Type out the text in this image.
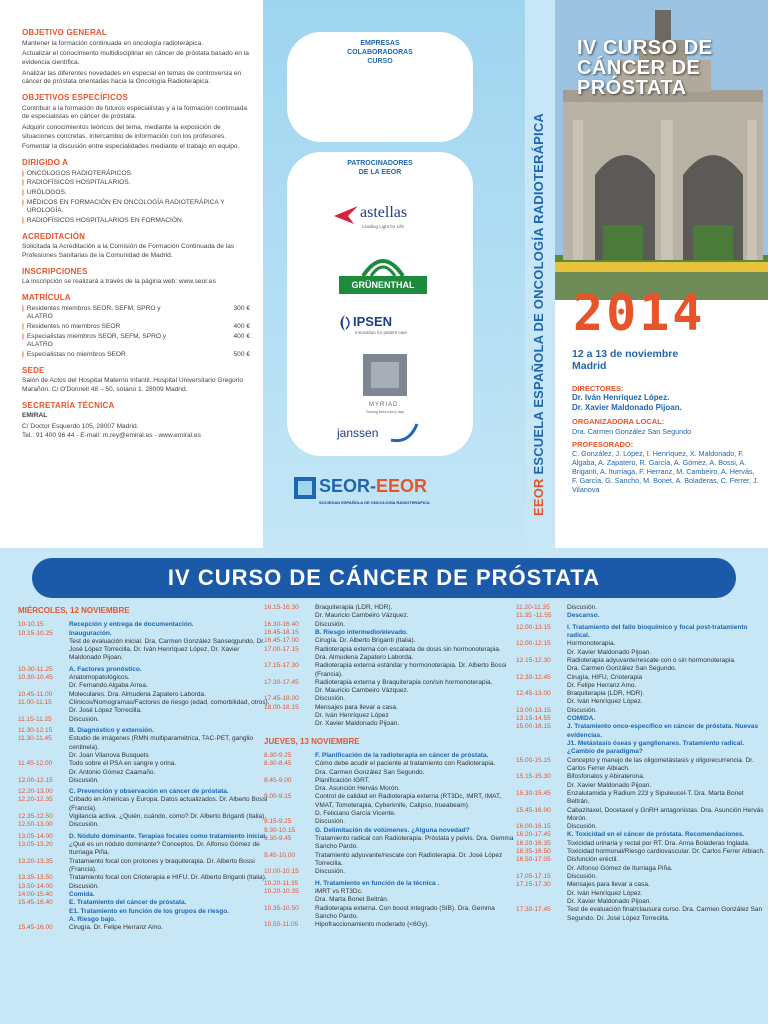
OBJETIVO GENERAL
Mantener la formación continuada en oncología radioterápica.
Actualizar el conocimiento multidisciplinar en cáncer de próstata basado en la evidencia científica.
Analizar las diferentes novedades en especial en temas de controversia en cáncer de próstata orientadas hacia la Oncología Radioterápica.
OBJETIVOS ESPECÍFICOS
Contribuir a la formación de futuros especialistas y a la formación continuada de especialistas en cáncer de próstata.
Adquirir conocimientos teóricos del tema, mediante la exposición de situaciones concretas. Intercambio de información con los profesores.
Fomentar la discusión entre especialidades mediante el trabajo en equipo.
DIRIGIDO A
| ONCÓLOGOS RADIOTERÁPICOS.
| RADIOFÍSICOS HOSPITALARIOS.
| URÓLOGOS.
| MÉDICOS EN FORMACIÓN EN ONCOLOGÍA RADIOTERÁPICA Y UROLOGÍA.
| RADIOFÍSICOS HOSPITALARIOS EN FORMACIÓN.
ACREDITACIÓN
Solicitada la Acreditación a la Comisión de Formación Continuada de las Profesiones Sanitarias de la Comunidad de Madrid.
INSCRIPCIONES
La inscripción se realizará a través de la página web: www.seor.es
MATRÍCULA
| Residentes miembros SEOR, SEFM, SPRO y ALATRO
300 €
| Residentes no miembros SEOR	400 €
| Especialistas miembros SEOR, SEFM, SPRO y ALATRO
400 €
| Especialistas no miembros SEOR	500 €
SEDE
Salón de Actos del Hospital Materno Infantil. Hospital Universitario Gregorio Marañón. C/ O'Donnell 48 – 50, sótano 1. 28009 Madrid.
SECRETARÍA TÉCNICA
EMIRAL
C/ Doctor Esquerdo 105, 28007 Madrid.
Tel.: 91 400 96 44 - E-mail: m.rey@emiral.es - www.emiral.es
EMPRESAS COLABORADORAS CURSO
PATROCINADORES DE LA EEOR
astellas
Leading Light for Life
GRÜNENTHAL
IPSEN
Innovation for patient care
MYRIAD.
Saving lives every day
janssen
SEOR-EEOR
SOCIEDAD ESPAÑOLA DE ONCOLOGÍA RADIOTERÁPICA	EEOR ESCUELA ESPAÑOLA DE ONCOLOGÍA RADIOTERÁPICA
IV CURSO DE
CÁNCER DE
PRÓSTATA
2014
12 a 13 de noviembre
Madrid
DIRECTORES:
Dr. Iván Henríquez López.
Dr. Xavier Maldonado Pijoan.
ORGANIZADORA LOCAL:
Dra. Carmen González San Segundo
PROFESORADO:
C. González, J. López, I. Henríquez, X. Maldonado, F. Algaba, A. Zapatero, R. García, A. Gómez, A. Bossi, A. Briganti, A. Iturriaga, F. Herranz, M. Cambeiro, A. Hervás, F. García, G. Sancho, M. Bonet, A. Boladeras, C. Ferrer, J. Vilanova
IV CURSO DE CÁNCER DE PRÓSTATA
MIÉRCOLES, 12 NOVIEMBRE
10-10.15	Recepción y entrega de documentación.
10.15-10.25	Inauguración.
Test de evaluación inicial. Dra. Carmen González Sanseqgundo, Dr. José López Torrecilla, Dr. Iván Henríquez López, Dr. Xavier Maldonado Pijoan.
10-30-11.25	A. Factores pronóstico.
10.30-10.45	Anatomopatológicos.
Dr. Fernando Algaba Arrea.
10.45-11.00	Moleculares. Dra. Almudena Zapatero Laborda.
11.00-11.15	Clínicos/Nomogramas/Factores de riesgo (edad, comorbilidad, otros). Dr. José López Torrecilla.
11.15-11.25	Discusión.
11.30-12.15	B. Diagnóstico y extensión.
11.30-11.45	Estudio de imágenes (RMN multiparamétrica, TAC-PET, ganglio centinela).
Dr. Joan Vilanova Busquets
11.45-12.00	Todo sobre el PSA en sangre y orina.
Dr. Antonio Gómez Caamaño.
12.00-12.15	Discusión.
12.20-13.00	C. Prevención y observación en cáncer de próstata.
12.20-12.35	Cribado en Américas y Europa. Datos actualizados. Dr. Alberto Bossi (Francia).
12.35-12.50	Vigilancia activa. ¿Quién, cuándo, cómo? Dr. Alberto Briganti (Italia).
12.50-13.00	Discusión.
13.05-14.00	D. Nódulo dominante. Terapias focales como tratamiento inicial.
13.05-13.20	¿Qué es un nódulo dominante? Conceptos. Dr. Alfonso Gómez de Iturriaga Piña.
13.20-13.35	Tratamiento focal con protones y braquiterapia. Dr. Alberto Bossi (Francia).
13.35-13.50	Tratamiento focal con Crioterapia e HIFU. Dr. Alberto Briganti (Italia).
13.50-14.00	Discusión.
14.00-15.40	Comida.
15.45-16.40	E. Tratamiento del cáncer de próstata.
E1. Tratamiento en función de los grupos de riesgo.
A. Riesgo bajo.
15.45-16.00	Cirugía. Dr. Felipe Herranz Amo.
16.15-16.30	Braquiterapia (LDR, HDR).
Dr. Mauricio Cambeiro Vázquez.
16.30-16.40	Discusión.
16.45-18.15	B. Riesgo intermedio/elevado.
16.45-17.00	Cirugía. Dr. Alberto Briganti (Italia).
17.00-17.15	Radioterapia externa con escalada de dosis sin hormonoterapia. Dra. Almudena Zapatero Laborda.
17.15-17.30	Radioterapia externa estándar y hormonoterapia. Dr. Alberto Bossi (Francia).
17.30-17.45	Radioterapia externa y Braquiterapia con/sin hormonoterapia.
Dr. Mauricio Cambeiro Vázquez.
17.45-18.00	Discusión.
18.00-18.15	Mensajes para llevar a casa.
Dr. Iván Henríquez López
Dr. Xavier Maldonado Pijoan.
JUEVES, 13 NOVIEMBRE
8.30-9.25	F. Planificación de la radioterapia en cáncer de próstata.
8.30-8.45	Cómo debe acudir el paciente al tratamiento con Radioterapia.
Dra. Carmen González San Segundo.
8.45-9.00	Planificación IGRT.
Dra. Asunción Hervás Morón.
9.00-9.15	Control de calidad en Radioterapia externa (RT3Dc, IMRT, IMAT, VMAT, Tomoterapia, Cyberknife, Calipso, trueabeam).
D. Feliciano García Vicente.
9.15-9.25	Discusión.
9.30-10.15	G. Delimitación de volúmenes. ¿Alguna novedad?
9.30-9.45	Tratamiento radical con Radioterapia. Próstata y pelvis. Dra. Gemma Sancho Pardo.
9.45-10.00	Tratamiento adyuvante/rescate con Radioterapia. Dr. José López Torrecilla.
10.00-10.15	Discusión.
10.20-11.35	H. Tratamiento en función de la técnica .
10.20-10.35	IMRT vs RT3Dc.
Dra. Marta Bonet Beltrán.
10.35-10.50	Radioterapia externa. Con boost integrado (SIB). Dra. Gemma Sancho Pardo.
10.50-11.05	Hipofraccionamiento moderado (<6Gy).
11.20-11.35	Discusión.
11.35 -11.55	Descanso.
12.00-13.15	I. Tratamiento del fallo bioquímico y focal post-tratamiento radical.
12.00-12.15	Hormonoterapia.
Dr. Xavier Maldonado Pijoan.
12.15-12.30	Radioterapia adyuvante/rescate con o sin hormonoterapia.
Dra. Carmen González San Segundo.
12.30-12.45	Cirugía, HIFU, Crioterapia
Dr. Felipe Herranz Amo.
12.45-13.00	Braquiterapia (LDR, HDR).
Dr. Iván Henríquez López.
13.00-13.15	Discusión.
13.15-14.55	COMIDA.
15.00-16.15	J. Tratamiento onco-específico en cáncer de próstata. Nuevas evidencias.
J1. Metástasis óseas y ganglionares. Tratamiento radical. ¿Cambio de paradigma?
15.00-15.15	Concepto y manejo de las oligometástasis y oligorecurrencia. Dr. Carlos Ferrer Albiach.
15.15-15.30	Bifosfonatos y Abiraterona.
Dr. Xavier Maldonado Pijoan.
15.30-15.45	Enzalutamida y Radium 223 y Sipuleucel-T. Dra. Marta Bonet Beltrán.
15.45-16.00	Cabazitaxel, Docetaxel y GnRH antagonistas. Dra. Asunción Hervás Morón.
16.00-16.15	Discusión.
16.20-17.45	K. Toxicidad en el cáncer de próstata. Recomendaciones.
16.20-16.35	Toxicidad urinaria y rectal por RT. Dra. Anna Boladeras Inglada.
16.35-16.50	Toxicidad hormonal/Riesgo cardiovascular. Dr. Carlos Ferrer Albiach.
16.50-17.05	Disfunción eréctil.
Dr. Alfonso Gómez de Iturriaga Piña.
17.05-17.15	Discusión.
17.15-17.30	Mensajes para llevar a casa.
Dr. Iván Henríquez López.
Dr. Xavier Maldonado Pijoan.
17.30-17.45	Test de evaluación final/clausura curso. Dra. Carmen González San Segundo. Dr. José López Torrecilla.
